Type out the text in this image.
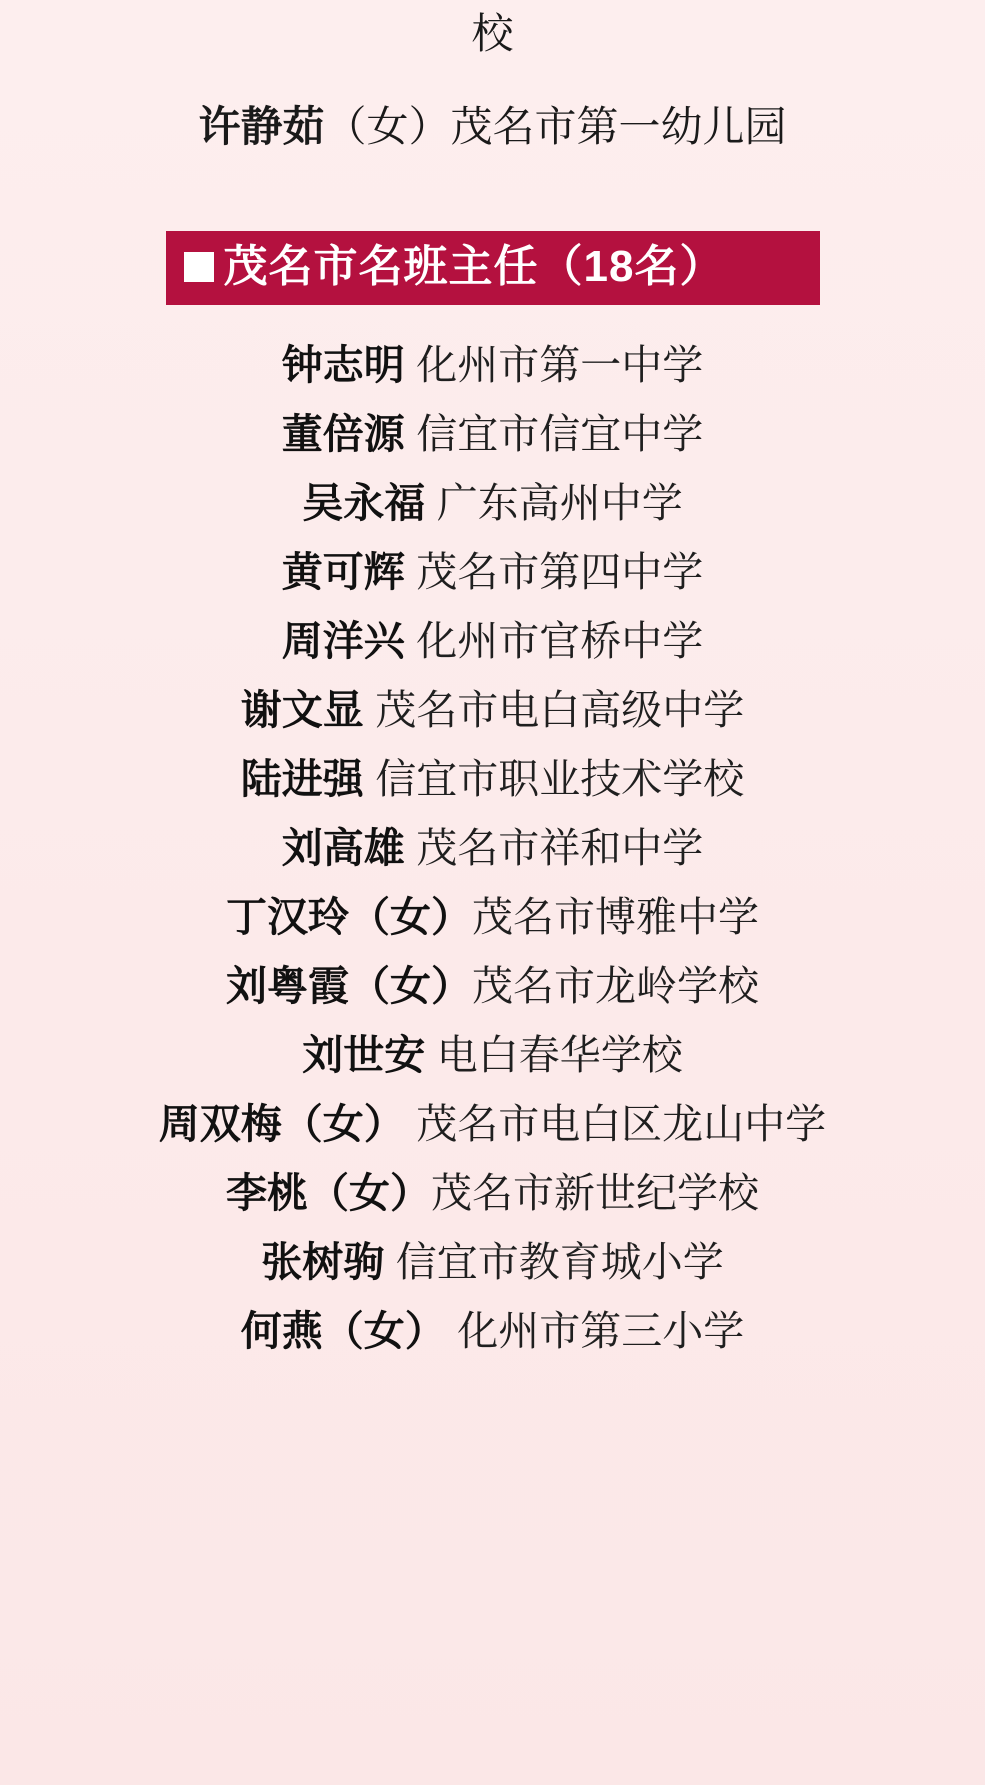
校
许静茹（女）茂名市第一幼儿园
茂名市名班主任（18名）
钟志明 化州市第一中学
董倍源 信宜市信宜中学
吴永福 广东高州中学
黄可辉 茂名市第四中学
周洋兴 化州市官桥中学
谢文显 茂名市电白高级中学
陆进强 信宜市职业技术学校
刘高雄 茂名市祥和中学
丁汉玲（女）茂名市博雅中学
刘粤霞（女）茂名市龙岭学校
刘世安 电白春华学校
周双梅（女） 茂名市电白区龙山中学
李桃（女）茂名市新世纪学校
张树驹 信宜市教育城小学
何燕（女） 化州市第三小学
